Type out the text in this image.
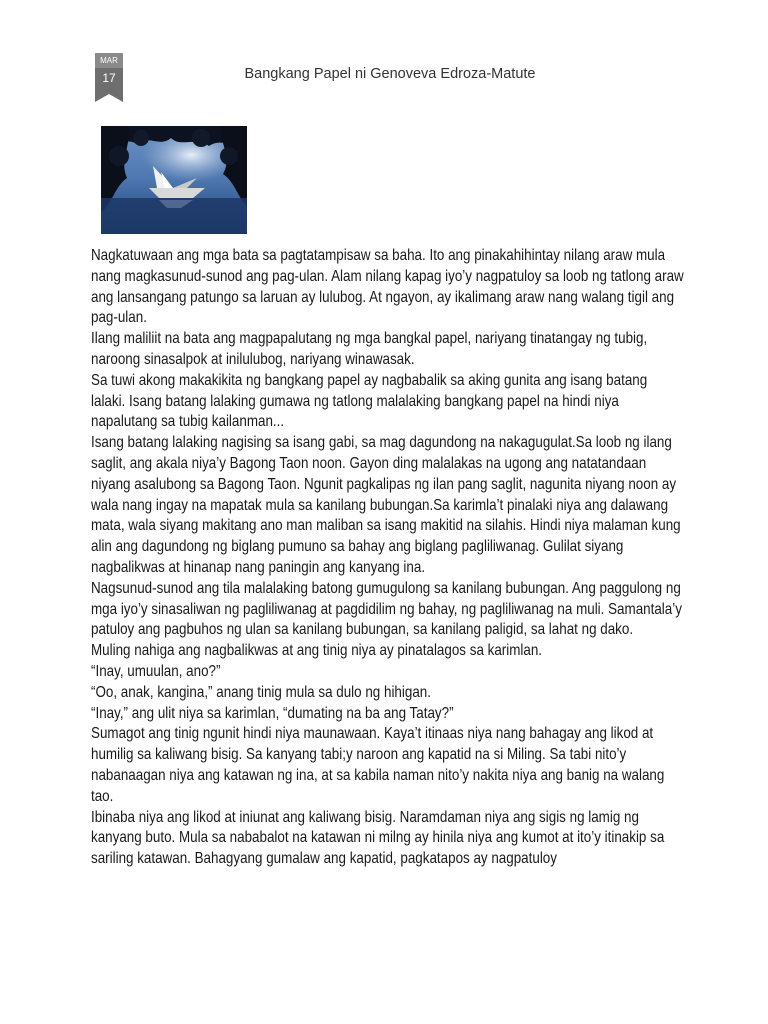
MAR
17	Bangkang Papel ni Genoveva Edroza-Matute

Nagkatuwaan ang mga bata sa pagtatampisaw sa baha. Ito ang pinakahihintay nilang araw mula nang magkasunud-sunod ang pag-ulan. Alam nilang kapag iyo’y nagpatuloy sa loob ng tatlong araw ang lansangang patungo sa laruan ay lulubog. At ngayon, ay ikalimang araw nang walang tigil ang pag-ulan.

Ilang maliliit na bata ang magpapalutang ng mga bangkal papel, nariyang tinatangay ng tubig, naroong sinasalpok at inilulubog, nariyang winawasak.

Sa tuwi akong makakikita ng bangkang papel ay nagbabalik sa aking gunita ang isang batang lalaki. Isang batang lalaking gumawa ng tatlong malalaking bangkang papel na hindi niya napalutang sa tubig kailanman...

Isang batang lalaking nagising sa isang gabi, sa mag dagundong na nakagugulat.Sa loob ng ilang saglit, ang akala niya’y Bagong Taon noon. Gayon ding malalakas na ugong ang natatandaan niyang asalubong sa Bagong Taon. Ngunit pagkalipas ng ilan pang saglit, nagunita niyang noon ay wala nang ingay na mapatak mula sa kanilang bubungan.Sa karimla’t pinalaki niya ang dalawang mata, wala siyang makitang ano man maliban sa isang makitid na silahis. Hindi niya malaman kung alin ang dagundong ng biglang pumuno sa bahay ang biglang pagliliwanag. Gulilat siyang nagbalikwas at hinanap nang paningin ang kanyang ina.

Nagsunud-sunod ang tila malalaking batong gumugulong sa kanilang bubungan. Ang paggulong ng mga iyo’y sinasaliwan ng pagliliwanag at pagdidilim ng bahay, ng pagliliwanag na muli. Samantala’y patuloy ang pagbuhos ng ulan sa kanilang bubungan, sa kanilang paligid, sa lahat ng dako.

Muling nahiga ang nagbalikwas at ang tinig niya ay pinatalagos sa karimlan.

“Inay, umuulan, ano?”

“Oo, anak, kangina,” anang tinig mula sa dulo ng hihigan.

“Inay,” ang ulit niya sa karimlan, “dumating na ba ang Tatay?”

Sumagot ang tinig ngunit hindi niya maunawaan. Kaya’t itinaas niya nang bahagay ang likod at humilig sa kaliwang bisig. Sa kanyang tabi;y naroon ang kapatid na si Miling. Sa tabi nito’y nabanaagan niya ang katawan ng ina, at sa kabila naman nito’y nakita niya ang banig na walang tao.

Ibinaba niya ang likod at iniunat ang kaliwang bisig. Naramdaman niya ang sigis ng lamig ng kanyang buto. Mula sa nababalot na katawan ni milng ay hinila niya ang kumot at ito’y itinakip sa sariling katawan. Bahagyang gumalaw ang kapatid, pagkatapos ay nagpatuloy
